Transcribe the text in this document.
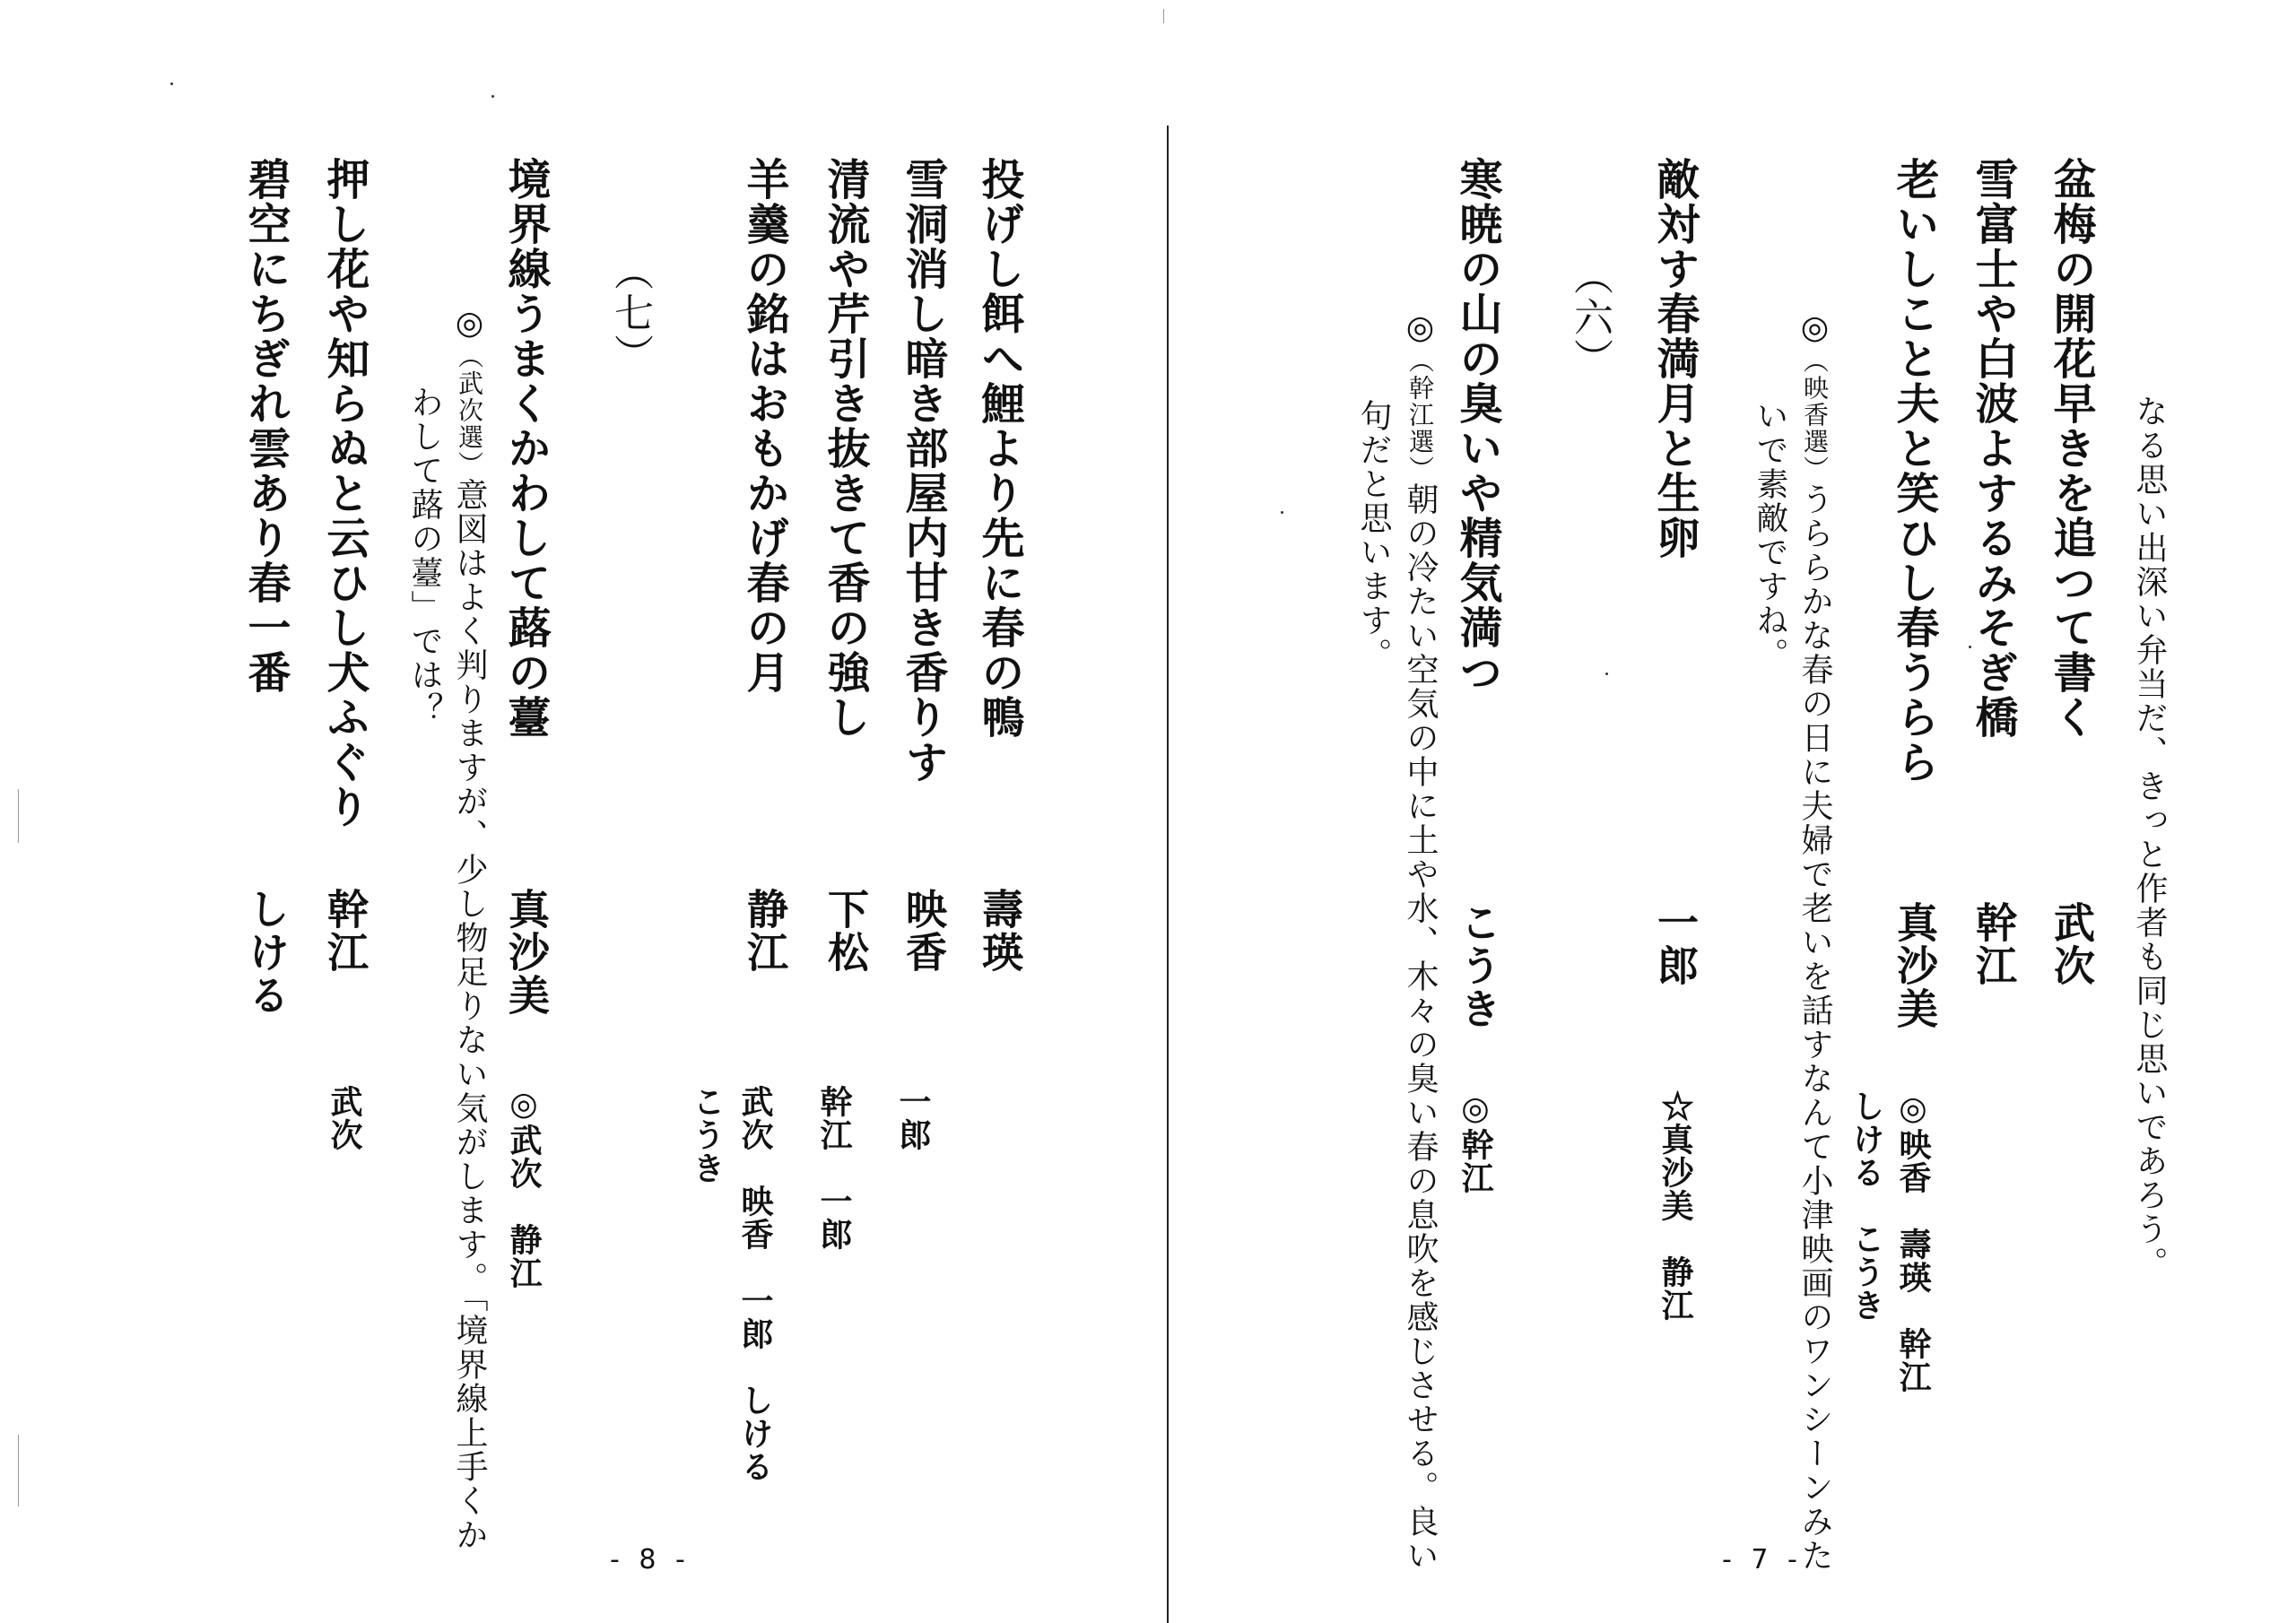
投げし餌へ鯉より先に春の鴨
壽瑛
一郎
雪洞消し暗き部屋内甘き香りす
映香
清流や芹引き抜きて香の強し
下松
幹江　一郎
羊羹の銘はおもかげ春の月
静江
武次　映香　一郎　しける
こうき
（七）
境界線うまくかわして蕗の薹
真沙美
◎武次　静江
◎（武次選）意図はよく判りますが、少し物足りない気がします。「境界線上手くか
わして蕗の薹」では？
押し花や知らぬと云ひし犬ふぐり
幹江
武次
碧空にちぎれ雲あり春一番
しける
- 8 -
なる思い出深い弁当だ、きっと作者も同じ思いであろう。
盆梅の開花早きを追つて書く
武次
雪富士や白波よするみそぎ橋
幹江
老いしこと夫と笑ひし春うらら
真沙美
◎映香　壽瑛　幹江
しける　こうき
◎（映香選）うららかな春の日に夫婦で老いを話すなんて小津映画のワンシーンみた
いで素敵ですね。
敵対す春満月と生卵
一郎
☆真沙美　静江
（六）
寒暁の山の臭いや精気満つ
こうき
◎幹江
◎（幹江選）朝の冷たい空気の中に土や水、木々の臭い春の息吹を感じさせる。良い
句だと思います。
- 7 -
